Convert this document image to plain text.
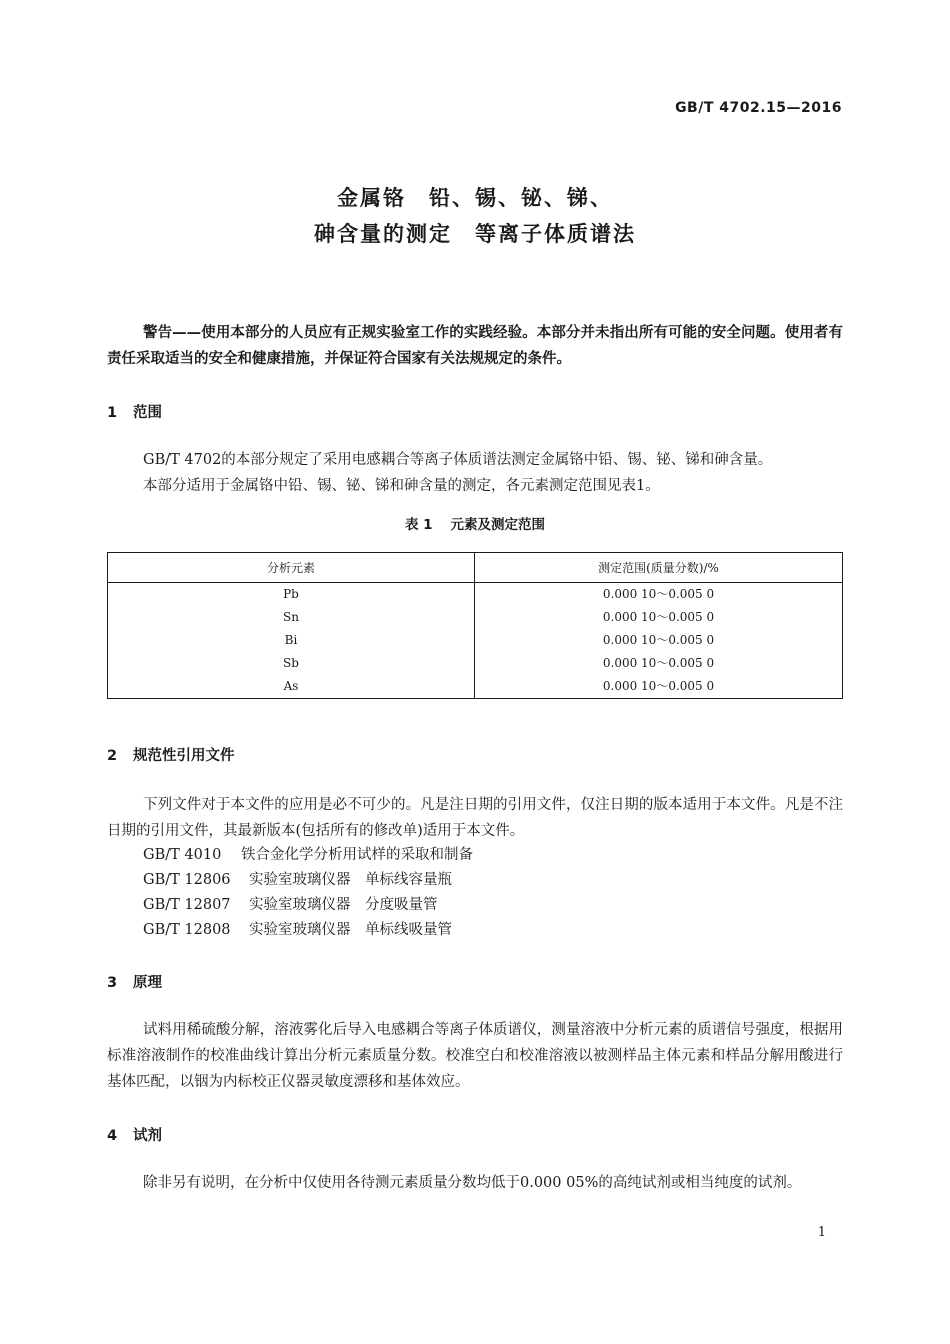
GB/T 4702.15—2016
金属铬　铅、锡、铋、锑、
砷含量的测定　等离子体质谱法

警告——使用本部分的人员应有正规实验室工作的实践经验。本部分并未指出所有可能的安全问题。使用者有责任采取适当的安全和健康措施，并保证符合国家有关法规规定的条件。

1 范围

GB/T 4702的本部分规定了采用电感耦合等离子体质谱法测定金属铬中铅、锡、铋、锑和砷含量。

本部分适用于金属铬中铅、锡、铋、锑和砷含量的测定，各元素测定范围见表1。

表 1 元素及测定范围
分析元素	测定范围(质量分数)/%
Pb	0.000 10～0.005 0
Sn	0.000 10～0.005 0
Bi	0.000 10～0.005 0
Sb	0.000 10～0.005 0
As	0.000 10～0.005 0
2 规范性引用文件

下列文件对于本文件的应用是必不可少的。凡是注日期的引用文件，仅注日期的版本适用于本文件。凡是不注日期的引用文件，其最新版本(包括所有的修改单)适用于本文件。

GB/T 4010	铁合金化学分析用试样的采取和制备
GB/T 12806	实验室玻璃仪器　单标线容量瓶
GB/T 12807	实验室玻璃仪器　分度吸量管
GB/T 12808	实验室玻璃仪器　单标线吸量管
3 原理

试料用稀硫酸分解，溶液雾化后导入电感耦合等离子体质谱仪，测量溶液中分析元素的质谱信号强度，根据用标准溶液制作的校准曲线计算出分析元素质量分数。校准空白和校准溶液以被测样品主体元素和样品分解用酸进行基体匹配，以铟为内标校正仪器灵敏度漂移和基体效应。

4 试剂

除非另有说明，在分析中仅使用各待测元素质量分数均低于0.000 05%的高纯试剂或相当纯度的试剂。

1
